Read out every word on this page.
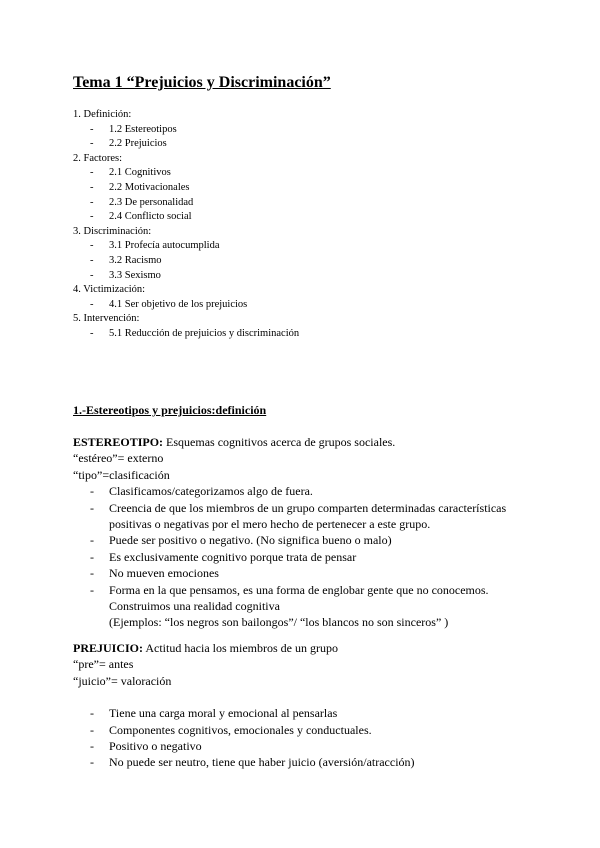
Tema 1 “Prejuicios y Discriminación”
1. Definición:
- 1.2 Estereotipos
- 2.2 Prejuicios
2. Factores:
- 2.1 Cognitivos
- 2.2 Motivacionales
- 2.3 De personalidad
- 2.4 Conflicto social
3. Discriminación:
- 3.1 Profecía autocumplida
- 3.2 Racismo
- 3.3 Sexismo
4. Victimización:
- 4.1 Ser objetivo de los prejuicios
5. Intervención:
- 5.1 Reducción de prejuicios y discriminación
1.-Estereotipos y prejuicios:definición
ESTEREOTIPO: Esquemas cognitivos acerca de grupos sociales.
“estéreo”= externo
“tipo”=clasificación
- Clasificamos/categorizamos algo de fuera.
- Creencia de que los miembros de un grupo comparten determinadas características
positivas o negativas por el mero hecho de pertenecer a este grupo.
- Puede ser positivo o negativo. (No significa bueno o malo)
- Es exclusivamente cognitivo porque trata de pensar
- No mueven emociones
- Forma en la que pensamos, es una forma de englobar gente que no conocemos.
Construimos una realidad cognitiva
(Ejemplos: “los negros son bailongos”/ “los blancos no son sinceros” )
PREJUICIO: Actitud hacia los miembros de un grupo
“pre”= antes
“juicio”= valoración
- Tiene una carga moral y emocional al pensarlas
- Componentes cognitivos, emocionales y conductuales.
- Positivo o negativo
- No puede ser neutro, tiene que haber juicio (aversión/atracción)
